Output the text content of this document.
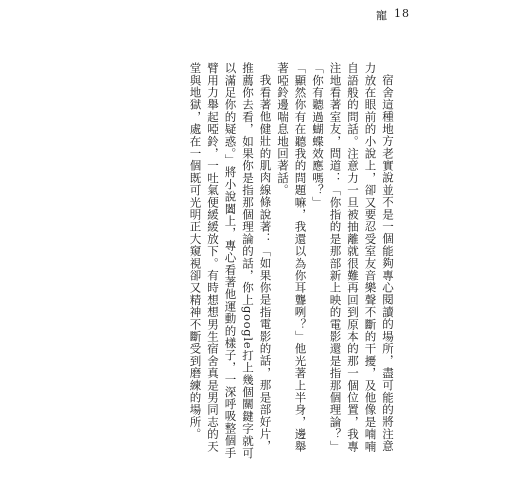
寵 18

宿舍這種地方老實說並不是一個能夠專心閱讀的場所，盡可能的將注意力放在眼前的小說上，卻又要忍受室友音樂聲不斷的干擾，及他像是喃喃自語般的問話。注意力一旦被抽離就很難再回到原本的那一個位置，我專注地看著室友，問道：「你指的是那部新上映的電影還是指那個理論？」

「你有聽過蝴蝶效應嗎？」

「顯然你有在聽我的問題嘛，我還以為你耳聾咧？」他光著上半身，邊舉著啞鈴邊喘息地回著話。

我看著他健壯的肌肉線條說著：「如果你是指電影的話，那是部好片，推薦你去看，如果你是指那個理論的話，你上google打上幾個關鍵字就可以滿足你的疑惑。」將小說闔上，專心看著他運動的樣子，一深呼吸整個手臂用力舉起啞鈴，一吐氣便緩緩放下。有時想想男生宿舍真是男同志的天堂與地獄，處在一個既可光明正大窺視卻又精神不斷受到磨練的場所。
